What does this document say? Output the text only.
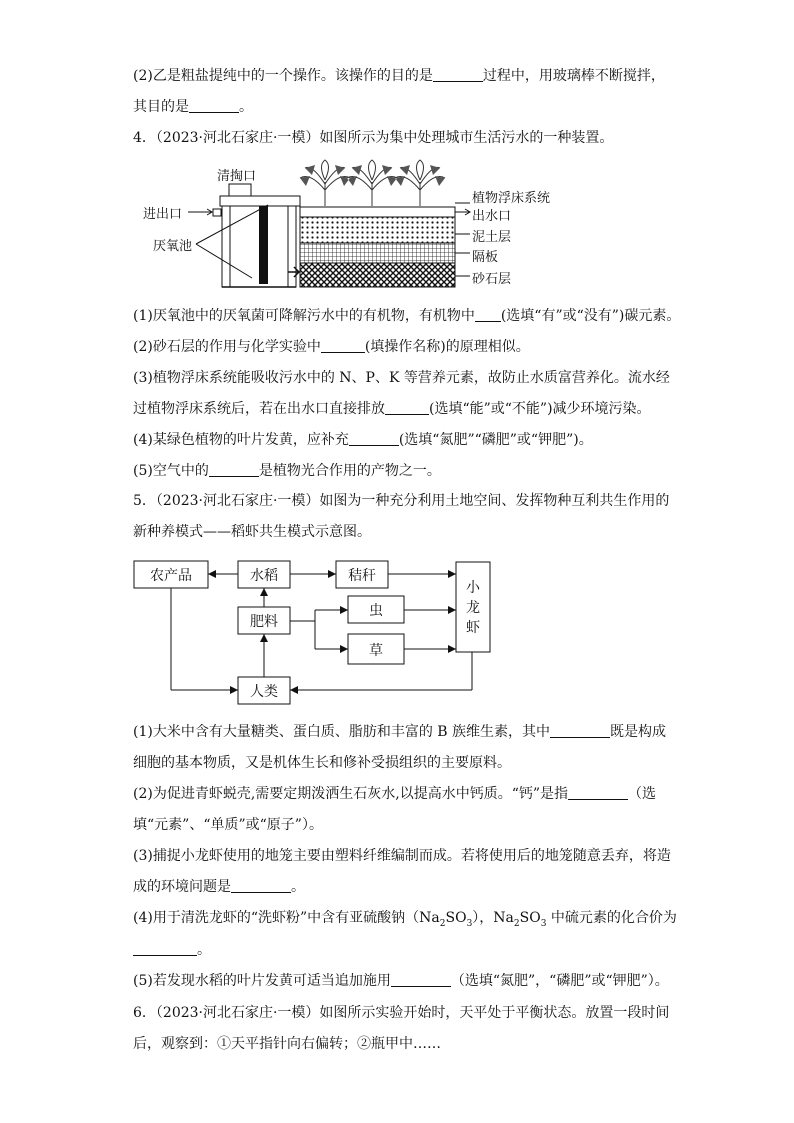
(2)乙是粗盐提纯中的一个操作。该操作的目的是	过程中，用玻璃棒不断搅拌，
其目的是	。
4．（2023·河北石家庄·一模）如图所示为集中处理城市生活污水的一种装置。
清掏口
进出口
厌氧池
植物浮床系统
出水口
泥土层
隔板
砂石层
(1)厌氧池中的厌氧菌可降解污水中的有机物，有机物中 (选填“有”或“没有”)碳元素。
(2)砂石层的作用与化学实验中	(填操作名称)的原理相似。
(3)植物浮床系统能吸收污水中的 N、P、K 等营养元素，故防止水质富营养化。流水经
过植物浮床系统后，若在出水口直接排放	(选填“能”或“不能”)减少环境污染。
(4)某绿色植物的叶片发黄，应补充	(选填“氮肥”“磷肥”或“钾肥”)。
(5)空气中的	是植物光合作用的产物之一。
5．（2023·河北石家庄·一模）如图为一种充分利用土地空间、发挥物种互利共生作用的
新种养模式——稻虾共生模式示意图。
农产品	水稻	秸秆
肥料
虫
草
人类
小
龙
虾
(1)大米中含有大量糖类、蛋白质、脂肪和丰富的 B 族维生素，其中	既是构成
细胞的基本物质，又是机体生长和修补受损组织的主要原料。
(2)为促进青虾蜕壳,需要定期泼洒生石灰水,以提高水中钙质。“钙”是指	（选
填“元素”、“单质”或“原子”）。
(3)捕捉小龙虾使用的地笼主要由塑料纤维编制而成。若将使用后的地笼随意丢弃，将造
成的环境问题是	。
(4)用于清洗龙虾的“洗虾粉”中含有亚硫酸钠$(Na_2SO_3)$，$Na_2SO_3$ 中硫元素的化合价为
。
(5)若发现水稻的叶片发黄可适当追加施用	（选填“氮肥”，“磷肥”或“钾肥”）。
6．（2023·河北石家庄·一模）如图所示实验开始时，天平处于平衡状态。放置一段时间
后，观察到：①天平指针向右偏转；②瓶甲中……
